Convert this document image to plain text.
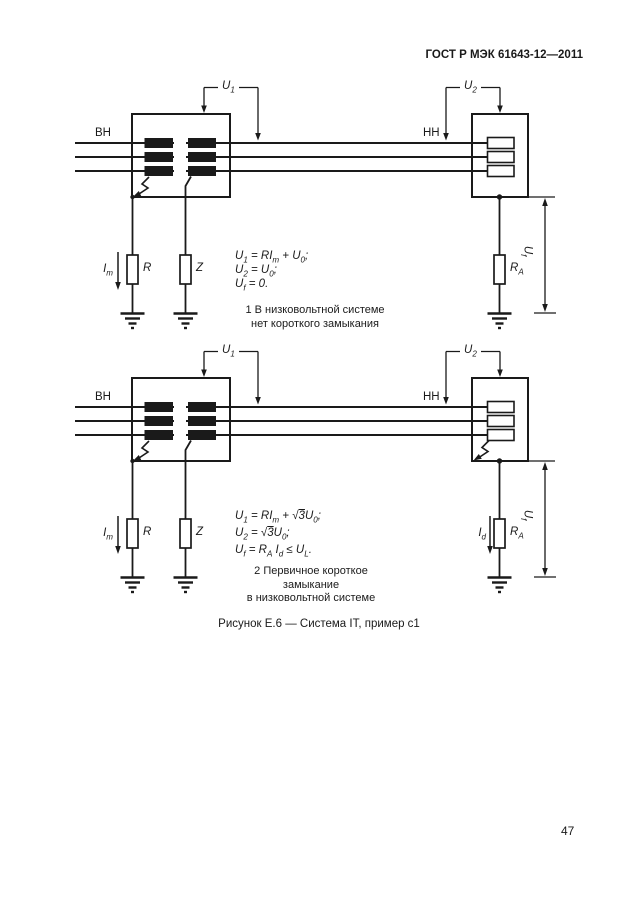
ГОСТ Р МЭК 61643-12—2011
ВН	НН
$U_1$	$U_2$
$I_m$	R	Z	$R_A$
$U_f$
$U_1 = RI_m + U_0$;
$U_2 = U_0$;
$U_f = 0$.
1 В низковольтной системе
нет короткого замыкания
ВН	НН
$U_1$	$U_2$
$I_m$	$I_d$
R	Z	$R_A$
$U_f$
$U_1 = RI_m + √3U_0$;
$U_2 = √3U_0$;
$U_f = R_A$ $I_d \le U_L$.
2 Первичное короткое замыкание
в низковольтной системе
Рисунок Е.6 — Система IT, пример с1
47
